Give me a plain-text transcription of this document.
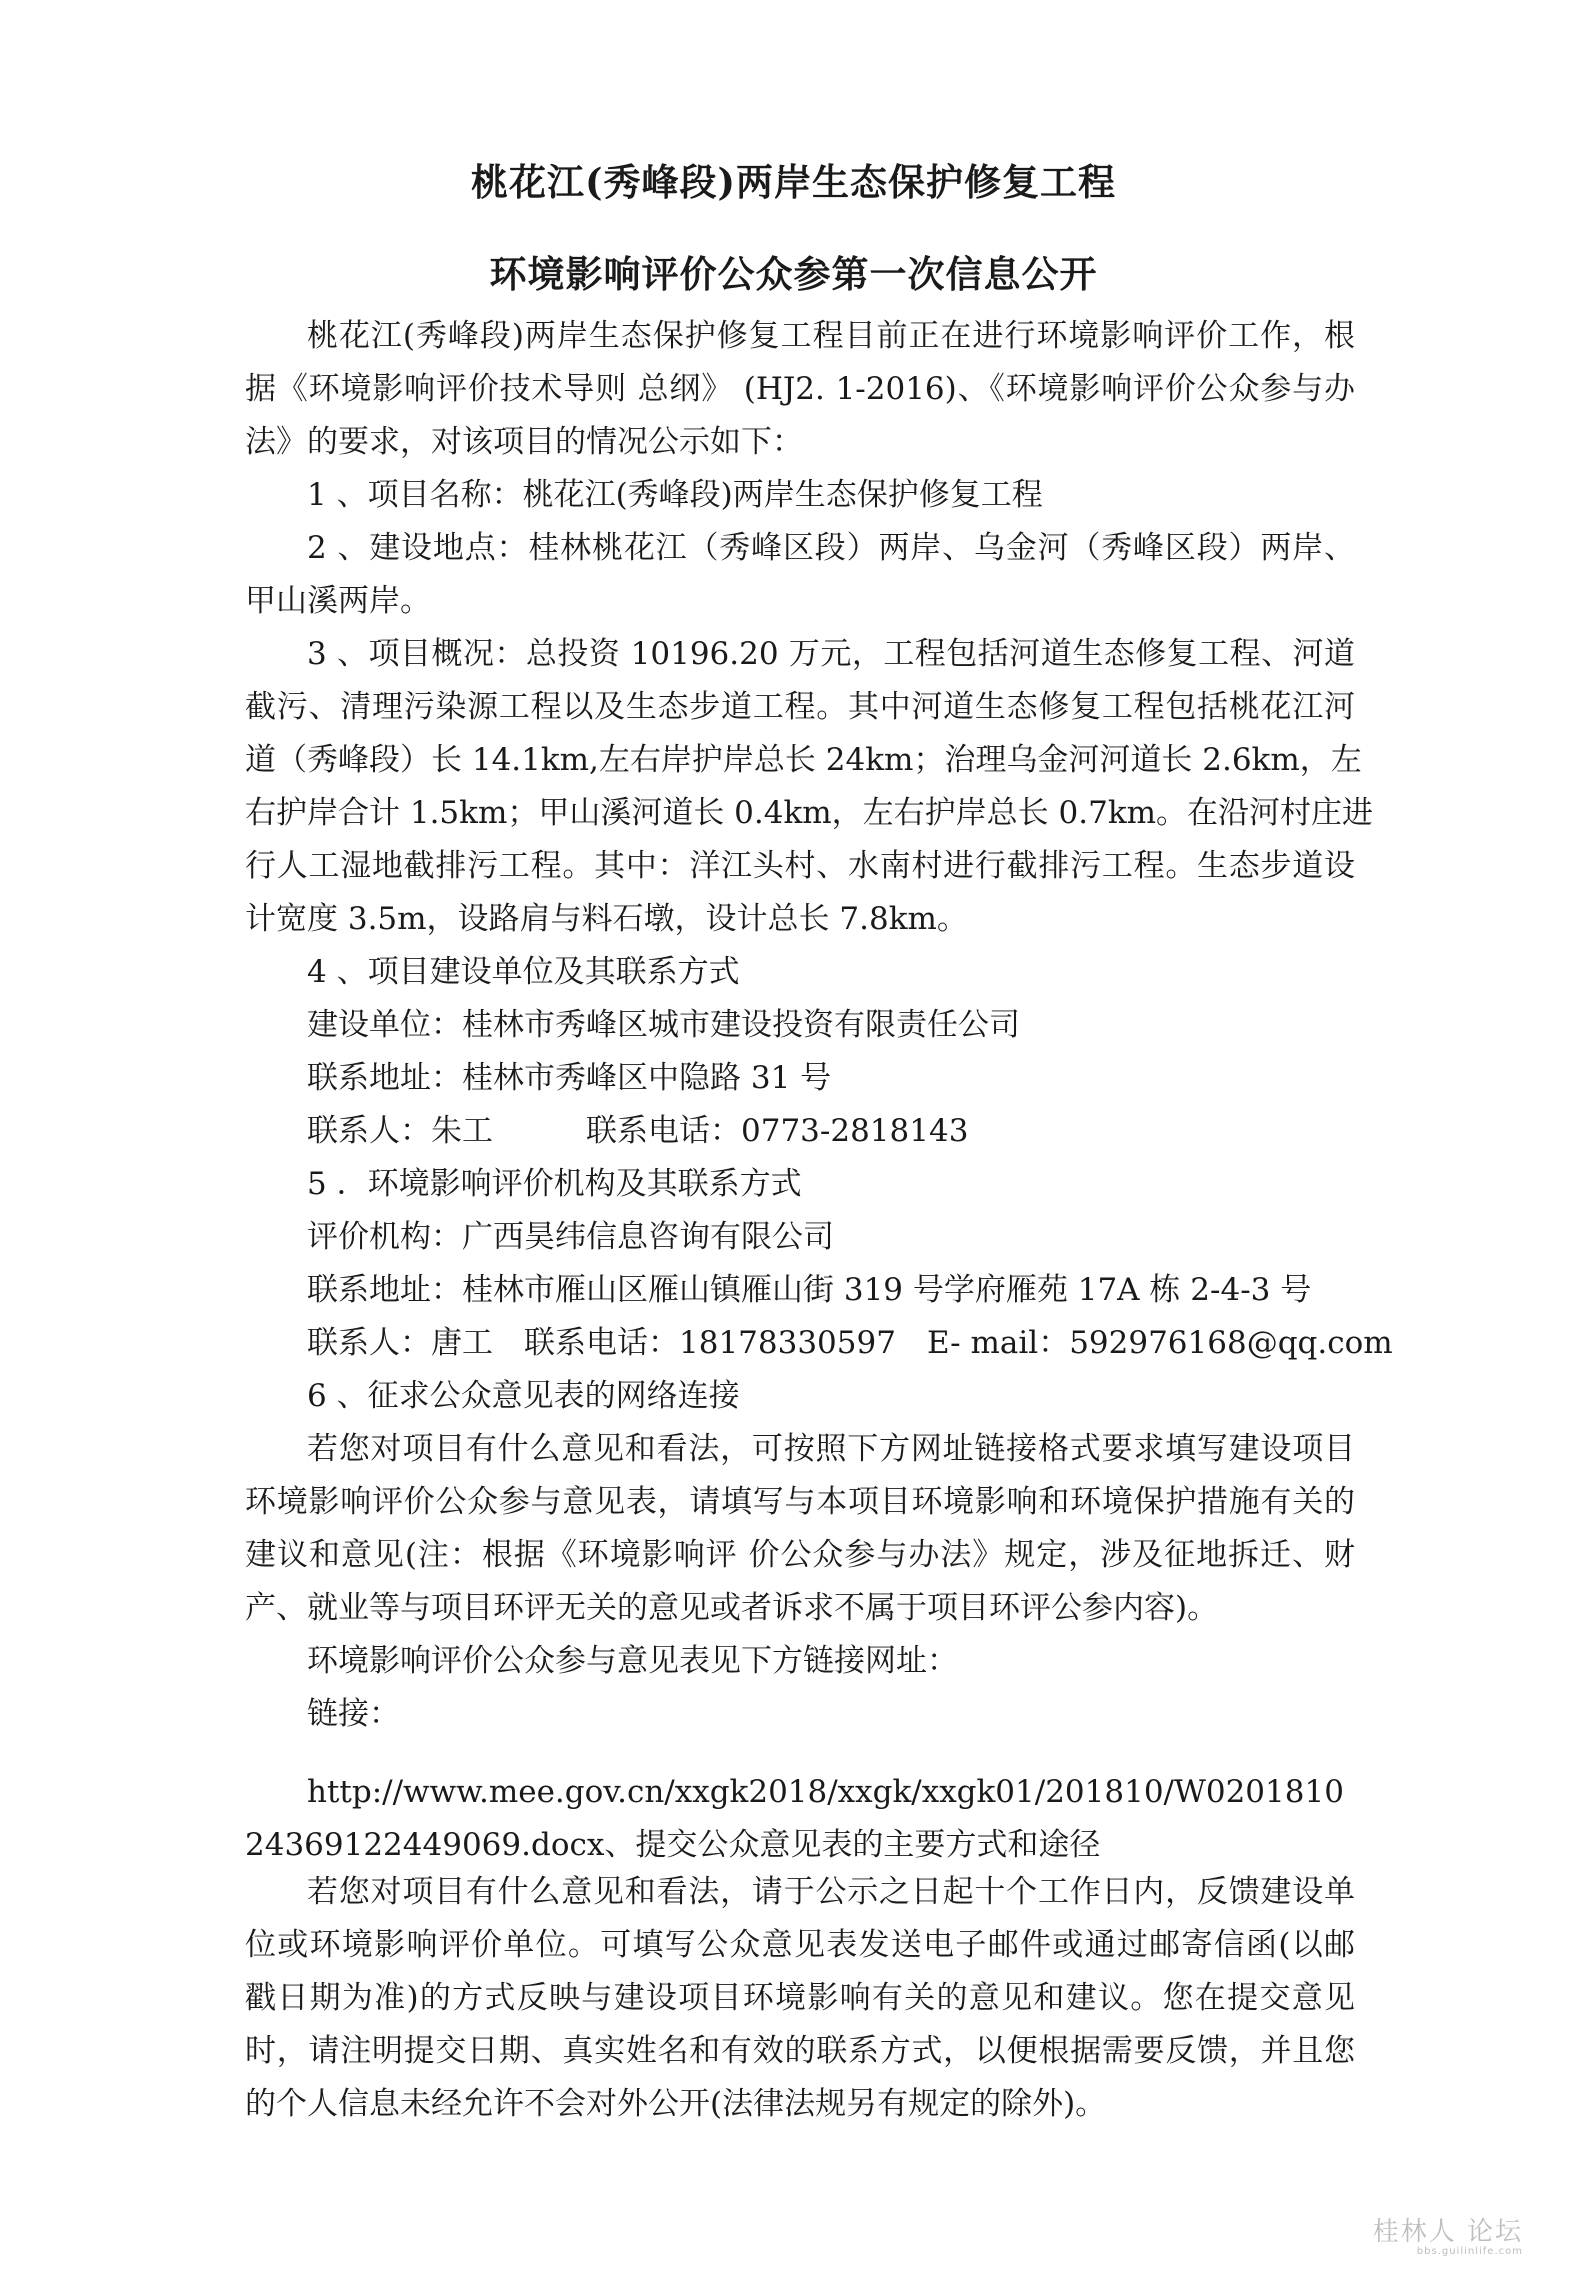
桃花江(秀峰段)两岸生态保护修复工程
环境影响评价公众参第一次信息公开
桃花江(秀峰段)两岸生态保护修复工程目前正在进行环境影响评价工作，根
据《环境影响评价技术导则 总纲》 (HJ2. 1-2016)、《环境影响评价公众参与办
法》的要求，对该项目的情况公示如下：
1 、项目名称：桃花江(秀峰段)两岸生态保护修复工程
2 、建设地点：桂林桃花江（秀峰区段）两岸、乌金河（秀峰区段）两岸、
甲山溪两岸。
3 、项目概况：总投资 10196.20 万元，工程包括河道生态修复工程、河道
截污、清理污染源工程以及生态步道工程。其中河道生态修复工程包括桃花江河
道（秀峰段）长 14.1km,左右岸护岸总长 24km；治理乌金河河道长 2.6km，左
右护岸合计 1.5km；甲山溪河道长 0.4km，左右护岸总长 0.7km。在沿河村庄进
行人工湿地截排污工程。其中：洋江头村、水南村进行截排污工程。生态步道设
计宽度 3.5m，设路肩与料石墩，设计总长 7.8km。
4 、项目建设单位及其联系方式
建设单位：桂林市秀峰区城市建设投资有限责任公司
联系地址：桂林市秀峰区中隐路 31 号
联系人：朱工　　　联系电话：0773-2818143
5 ．环境影响评价机构及其联系方式
评价机构：广西昊纬信息咨询有限公司
联系地址：桂林市雁山区雁山镇雁山街 319 号学府雁苑 17A 栋 2-4-3 号
联系人：唐工　联系电话：18178330597　E- mail：592976168@qq.com
6 、征求公众意见表的网络连接
若您对项目有什么意见和看法，可按照下方网址链接格式要求填写建设项目
环境影响评价公众参与意见表，请填写与本项目环境影响和环境保护措施有关的
建议和意见(注：根据《环境影响评 价公众参与办法》规定，涉及征地拆迁、财
产、就业等与项目环评无关的意见或者诉求不属于项目环评公参内容)。
环境影响评价公众参与意见表见下方链接网址：
链接：
http://www.mee.gov.cn/xxgk2018/xxgk/xxgk01/201810/W020181024369122449069.docx、提交公众意见表的主要方式和途径
若您对项目有什么意见和看法，请于公示之日起十个工作日内，反馈建设单
位或环境影响评价单位。可填写公众意见表发送电子邮件或通过邮寄信函(以邮
戳日期为准)的方式反映与建设项目环境影响有关的意见和建议。您在提交意见
时，请注明提交日期、真实姓名和有效的联系方式，以便根据需要反馈，并且您
的个人信息未经允许不会对外公开(法律法规另有规定的除外)。
桂林人 论坛
bbs.guilinlife.com
